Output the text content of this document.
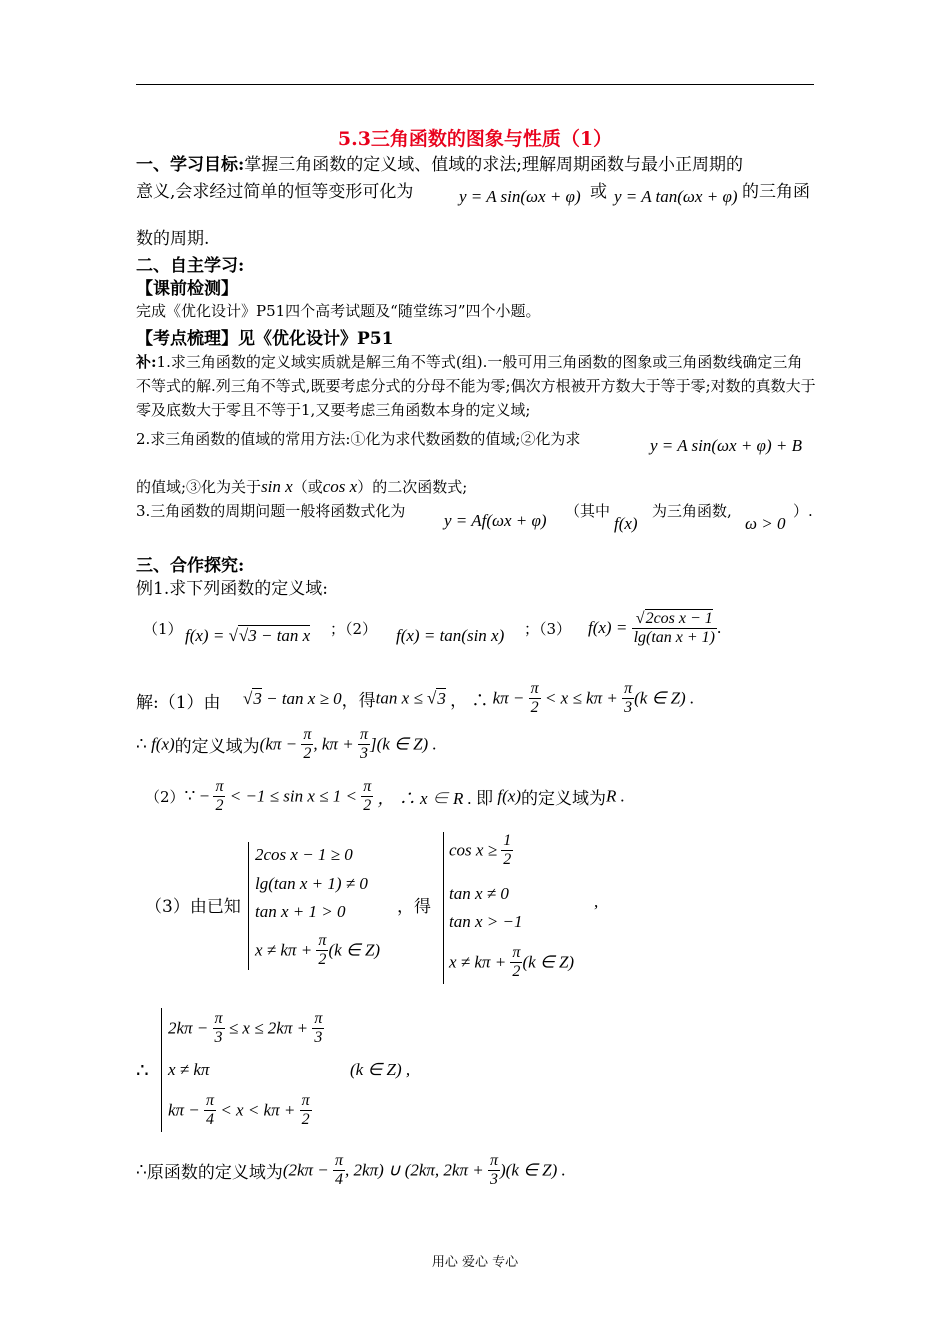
5.3三角函数的图象与性质（1）
一、学习目标:掌握三角函数的定义域、值域的求法;理解周期函数与最小正周期的
意义,会求经过简单的恒等变形可化为	y = A sin(ωx + φ) 或 y = A tan(ωx + φ) 的三角函
数的周期.
二、自主学习:
【课前检测】
完成《优化设计》P51四个高考试题及“随堂练习”四个小题。
【考点梳理】见《优化设计》P51
补:1.求三角函数的定义域实质就是解三角不等式(组).一般可用三角函数的图象或三角函数线确定三角不等式的解.列三角不等式,既要考虑分式的分母不能为零;偶次方根被开方数大于等于零;对数的真数大于零及底数大于零且不等于1,又要考虑三角函数本身的定义域;
2.求三角函数的值域的常用方法:①化为求代数函数的值域;②化为求	y = A sin(ωx + φ) + B
的值域;③化为关于sin x（或cos x）的二次函数式;
3.三角函数的周期问题一般将函数式化为 y = Af(ωx + φ) （其中
f(x)
为三角函数,
ω > 0
）.
三、合作探究:
例1.求下列函数的定义域:
（1） f(x) = √√3 − tan x ；（2） f(x) = tan(sin x) ；（3） $f(x) = \frac{\text{√2cos x − 1}}{\text{lg(tan x + 1)}}$ .
解:（1）由 √3 − tan x ≥ 0，得tan x ≤ √3 ， ∴ $k\pi - \frac{\pi}{2} < x \le k\pi + \frac{\pi}{3} (k$ ∈ Z) .
∴ f(x)的定义域为($k\pi - \frac{\pi}{2}$ , $k\pi + \frac{\pi}{3} ](k$ ∈ Z) .
（2）∵ − $\frac{\pi}{2} < -1 \le \sin x \le 1 < \frac{\pi}{2}$ ， ∴ x ∈ R . 即 f(x)的定义域为R .
（3）由已知
2cos x − 1 ≥ 0
lg(tan x + 1) ≠ 0
tan x + 1 > 0
$x \ne k\pi + \frac{\pi}{2} (k$ ∈ Z)
，得
$\cos x \ge \frac{1}{2}$
tan x ≠ 0
tan x > −1
$x \ne k\pi + \frac{\pi}{2} (k$ ∈ Z)
,
∴
$2k\pi - \frac{\pi}{3} \le x \le 2k\pi + \frac{\pi}{3}$
x ≠ kπ	(k ∈ Z) ,
$k\pi - \frac{\pi}{4} < x < k\pi + \frac{\pi}{2}$
∴原函数的定义域为($2k\pi - \frac{\pi}{4}$ , 2kπ) ∪ (2kπ, $2k\pi + \frac{\pi}{3} )(k$ ∈ Z) .
用心 爱心 专心
